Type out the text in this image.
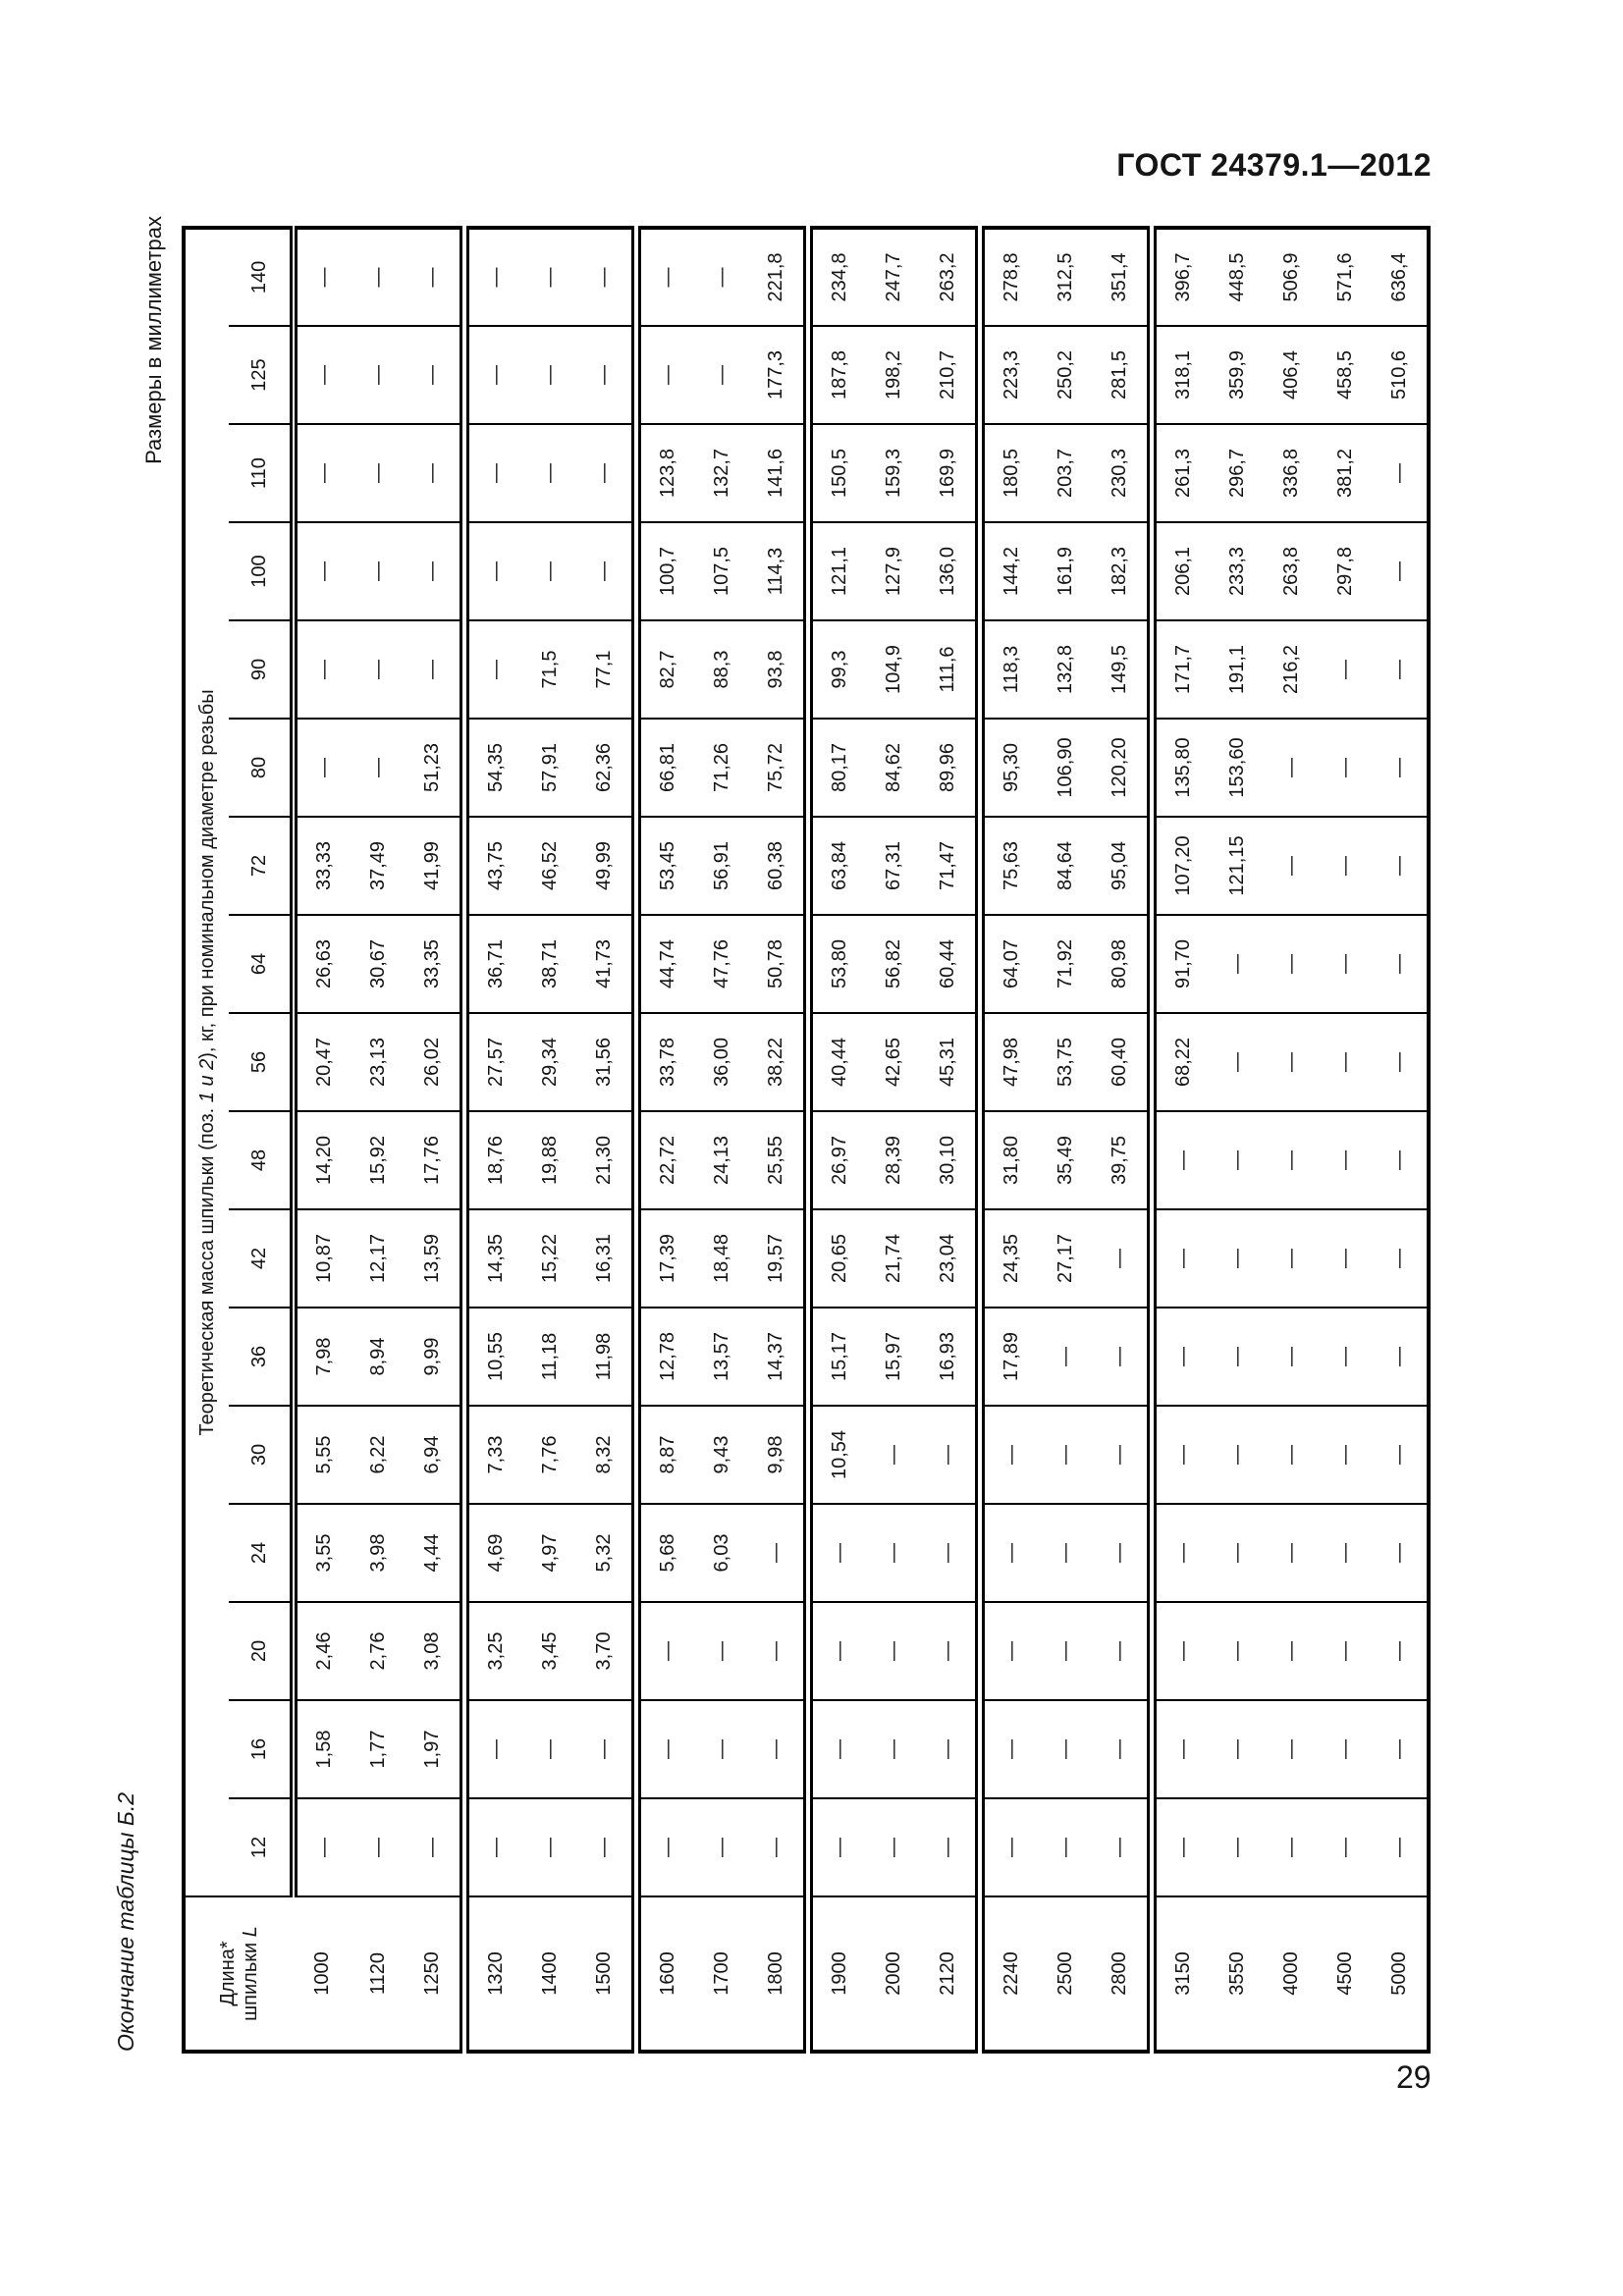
ГОСТ 24379.1—2012
Окончание таблицы Б.2
Размеры в миллиметрах
Длина*
шпильки L	Теоретическая масса шпильки (поз. 1 и 2), кг, при номинальном диаметре резьбы																
	12	16	20	24	30	36	42	48	56	64	72	80	90	100	110	125	140
1000	—	1,58	2,46	3,55	5,55	7,98	10,87	14,20	20,47	26,63	33,33	—	—	—	—	—	—
1120	—	1,77	2,76	3,98	6,22	8,94	12,17	15,92	23,13	30,67	37,49	—	—	—	—	—	—
1250	—	1,97	3,08	4,44	6,94	9,99	13,59	17,76	26,02	33,35	41,99	51,23	—	—	—	—	—
1320	—	—	3,25	4,69	7,33	10,55	14,35	18,76	27,57	36,71	43,75	54,35	—	—	—	—	—
1400	—	—	3,45	4,97	7,76	11,18	15,22	19,88	29,34	38,71	46,52	57,91	71,5	—	—	—	—
1500	—	—	3,70	5,32	8,32	11,98	16,31	21,30	31,56	41,73	49,99	62,36	77,1	—	—	—	—
1600	—	—	—	5,68	8,87	12,78	17,39	22,72	33,78	44,74	53,45	66,81	82,7	100,7	123,8	—	—
1700	—	—	—	6,03	9,43	13,57	18,48	24,13	36,00	47,76	56,91	71,26	88,3	107,5	132,7	—	—
1800	—	—	—	—	9,98	14,37	19,57	25,55	38,22	50,78	60,38	75,72	93,8	114,3	141,6	177,3	221,8
1900	—	—	—	—	10,54	15,17	20,65	26,97	40,44	53,80	63,84	80,17	99,3	121,1	150,5	187,8	234,8
2000	—	—	—	—	—	15,97	21,74	28,39	42,65	56,82	67,31	84,62	104,9	127,9	159,3	198,2	247,7
2120	—	—	—	—	—	16,93	23,04	30,10	45,31	60,44	71,47	89,96	111,6	136,0	169,9	210,7	263,2
2240	—	—	—	—	—	17,89	24,35	31,80	47,98	64,07	75,63	95,30	118,3	144,2	180,5	223,3	278,8
2500	—	—	—	—	—	—	27,17	35,49	53,75	71,92	84,64	106,90	132,8	161,9	203,7	250,2	312,5
2800	—	—	—	—	—	—	—	39,75	60,40	80,98	95,04	120,20	149,5	182,3	230,3	281,5	351,4
3150	—	—	—	—	—	—	—	—	68,22	91,70	107,20	135,80	171,7	206,1	261,3	318,1	396,7
3550	—	—	—	—	—	—	—	—	—	—	121,15	153,60	191,1	233,3	296,7	359,9	448,5
4000	—	—	—	—	—	—	—	—	—	—	—	—	216,2	263,8	336,8	406,4	506,9
4500	—	—	—	—	—	—	—	—	—	—	—	—	—	297,8	381,2	458,5	571,6
5000	—	—	—	—	—	—	—	—	—	—	—	—	—	—	—	510,6	636,4
29
